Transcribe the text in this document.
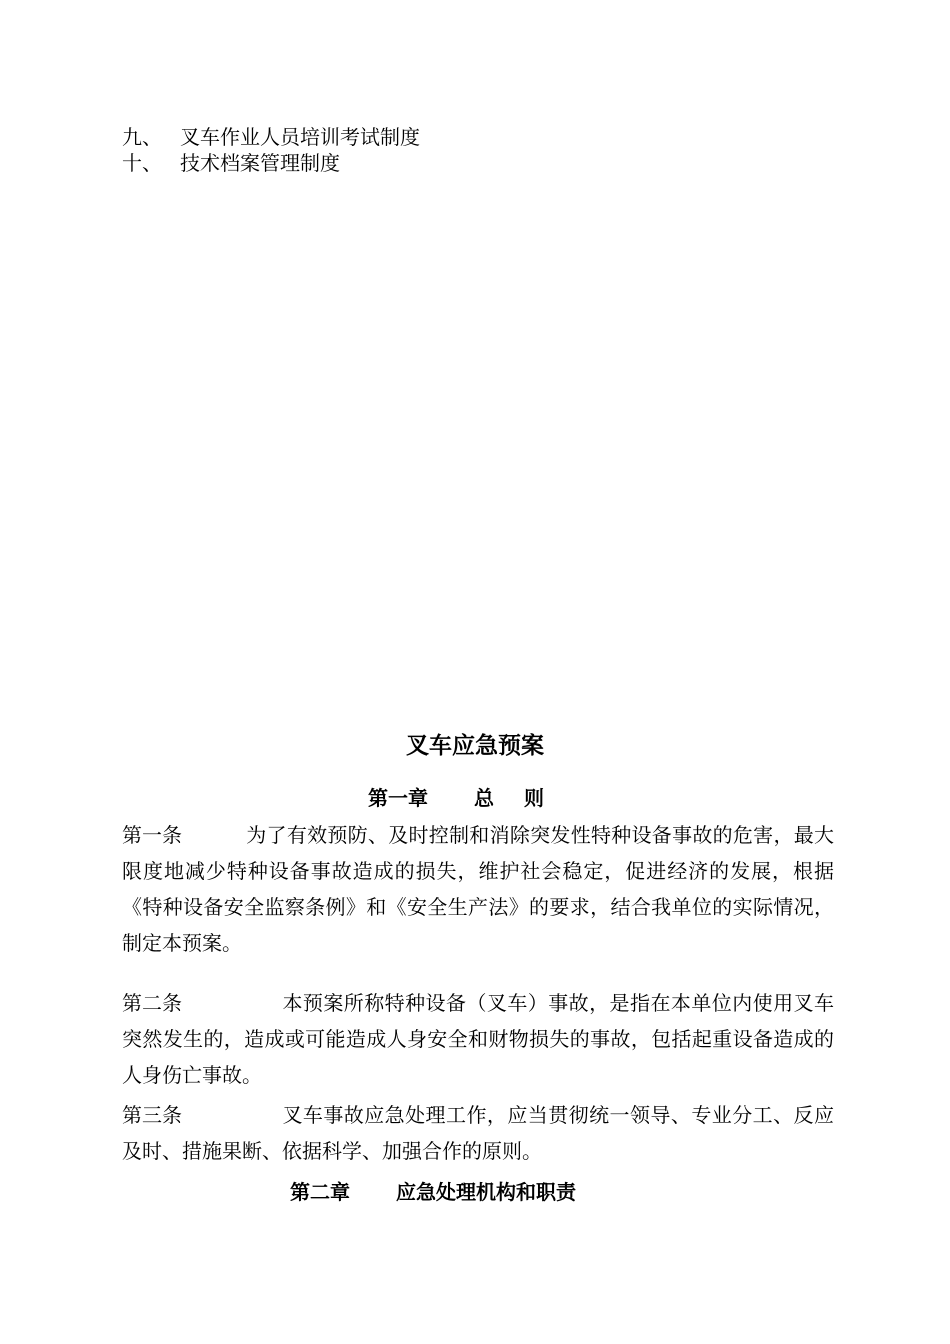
九、 叉车作业人员培训考试制度
十、 技术档案管理制度
叉车应急预案
第一章 总 则
第一条	为了有效预防、及时控制和消除突发性特种设备事故的危害，最大限度地减少特种设备事故造成的损失，维护社会稳定，促进经济的发展，根据《特种设备安全监察条例》和《安全生产法》的要求，结合我单位的实际情况，制定本预案。
第二条	本预案所称特种设备（叉车）事故，是指在本单位内使用叉车突然发生的，造成或可能造成人身安全和财物损失的事故，包括起重设备造成的人身伤亡事故。
第三条	叉车事故应急处理工作，应当贯彻统一领导、专业分工、反应及时、措施果断、依据科学、加强合作的原则。
第二章 应急处理机构和职责
